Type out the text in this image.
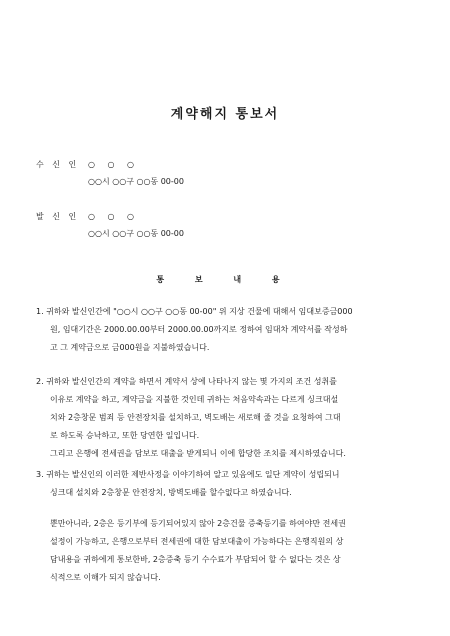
계약해지 통보서
수 신 인 ○ ○ ○
○○시 ○○구 ○○동 00-00
발 신 인 ○ ○ ○
○○시 ○○구 ○○동 00-00
통 보 내 용

1. 귀하와 발신인간에 "○○시 ○○구 ○○동 00-00" 위 지상 건물에 대해서 임대보증금000

원, 임대기간은 2000.00.00부터 2000.00.00까지로 정하여 임대차 계약서를 작성하

고 그 계약금으로 금000원을 지불하였습니다.

2. 귀하와 발신인간의 계약을 하면서 계약서 상에 나타나지 않는 몇 가지의 조건 성취를

이유로 계약을 하고, 계약금을 지불한 것인데 귀하는 처음약속과는 다르게 싱크대설

치와 2층창문 범죄 등 안전장치를 설치하고, 벽도배는 새로해 줄 것을 요청하여 그대

로 하도록 승낙하고, 또한 당연한 일입니다.

그리고 은행에 전세권을 담보로 대출을 받게되니 이에 합당한 조치를 제시하였습니다.

3. 귀하는 발신인의 이러한 제반사정을 이야기하여 알고 있음에도 일단 계약이 성립되니

싱크대 설치와 2층창문 안전장치, 방벽도배를 할수없다고 하였습니다.

뿐만아니라, 2층은 등기부에 등기되어있지 않아 2층건물 증축등기를 하여야만 전세권

설정이 가능하고, 은행으로부터 전세권에 대한 담보대출이 가능하다는 은행직원의 상

담내용을 귀하에게 통보한바, 2층증축 등기 수수료가 부담되어 할 수 없다는 것은 상

식적으로 이해가 되지 않습니다.
